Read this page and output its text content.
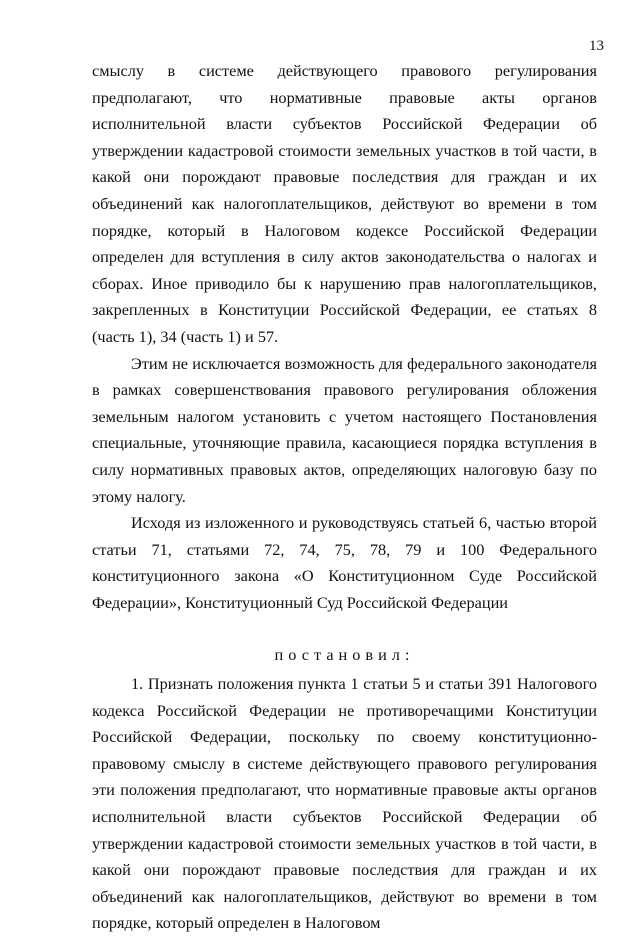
13

смыслу в системе действующего правового регулирования предполагают, что нормативные правовые акты органов исполнительной власти субъектов Российской Федерации об утверждении кадастровой стоимости земельных участков в той части, в какой они порождают правовые последствия для граждан и их объединений как налогоплательщиков, действуют во времени в том порядке, который в Налоговом кодексе Российской Федерации определен для вступления в силу актов законодательства о налогах и сборах. Иное приводило бы к нарушению прав налогоплательщиков, закрепленных в Конституции Российской Федерации, ее статьях 8 (часть 1), 34 (часть 1) и 57.

Этим не исключается возможность для федерального законодателя в рамках совершенствования правового регулирования обложения земельным налогом установить с учетом настоящего Постановления специальные, уточняющие правила, касающиеся порядка вступления в силу нормативных правовых актов, определяющих налоговую базу по этому налогу.

Исходя из изложенного и руководствуясь статьей 6, частью второй статьи 71, статьями 72, 74, 75, 78, 79 и 100 Федерального конституционного закона «О Конституционном Суде Российской Федерации», Конституционный Суд Российской Федерации

постановил:

1. Признать положения пункта 1 статьи 5 и статьи 391 Налогового кодекса Российской Федерации не противоречащими Конституции Российской Федерации, поскольку по своему конституционно-правовому смыслу в системе действующего правового регулирования эти положения предполагают, что нормативные правовые акты органов исполнительной власти субъектов Российской Федерации об утверждении кадастровой стоимости земельных участков в той части, в какой они порождают правовые последствия для граждан и их объединений как налогоплательщиков, действуют во времени в том порядке, который определен в Налоговом
